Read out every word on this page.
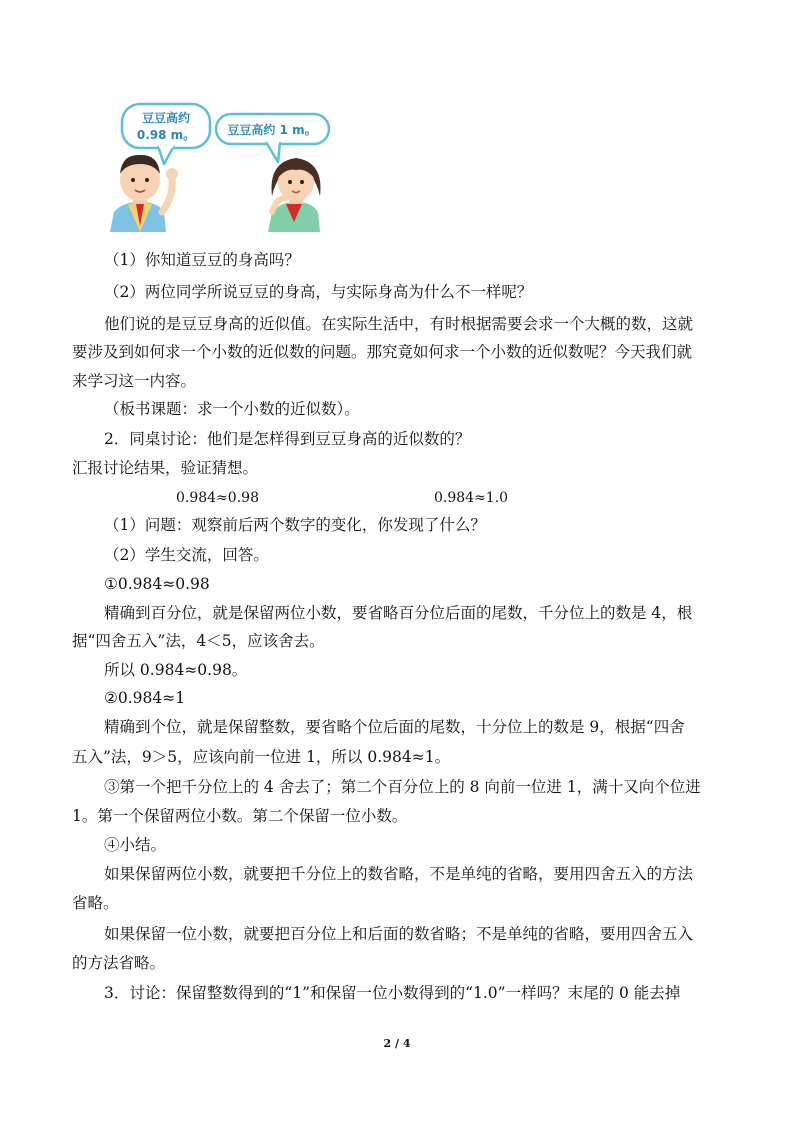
豆豆高约
0.98 m。	豆豆高约 1 m。
（1）你知道豆豆的身高吗？
（2）两位同学所说豆豆的身高，与实际身高为什么不一样呢？
他们说的是豆豆身高的近似值。在实际生活中，有时根据需要会求一个大概的数，这就
要涉及到如何求一个小数的近似数的问题。那究竟如何求一个小数的近似数呢？今天我们就
来学习这一内容。
（板书课题：求一个小数的近似数）。
2．同桌讨论：他们是怎样得到豆豆身高的近似数的？
汇报讨论结果，验证猜想。
0.984≈0.98	0.984≈1.0
（1）问题：观察前后两个数字的变化，你发现了什么？
（2）学生交流，回答。
①0.984≈0.98
精确到百分位，就是保留两位小数，要省略百分位后面的尾数，千分位上的数是 4，根
据“四舍五入”法，4＜5，应该舍去。
所以 0.984≈0.98。
②0.984≈1
精确到个位，就是保留整数，要省略个位后面的尾数，十分位上的数是 9，根据“四舍
五入”法，9＞5，应该向前一位进 1，所以 0.984≈1。
③第一个把千分位上的 4 舍去了；第二个百分位上的 8 向前一位进 1，满十又向个位进
1。第一个保留两位小数。第二个保留一位小数。
④小结。
如果保留两位小数，就要把千分位上的数省略，不是单纯的省略，要用四舍五入的方法
省略。
如果保留一位小数，就要把百分位上和后面的数省略；不是单纯的省略，要用四舍五入
的方法省略。
3．讨论：保留整数得到的“1”和保留一位小数得到的“1.0”一样吗？末尾的 0 能去掉
2 / 4
